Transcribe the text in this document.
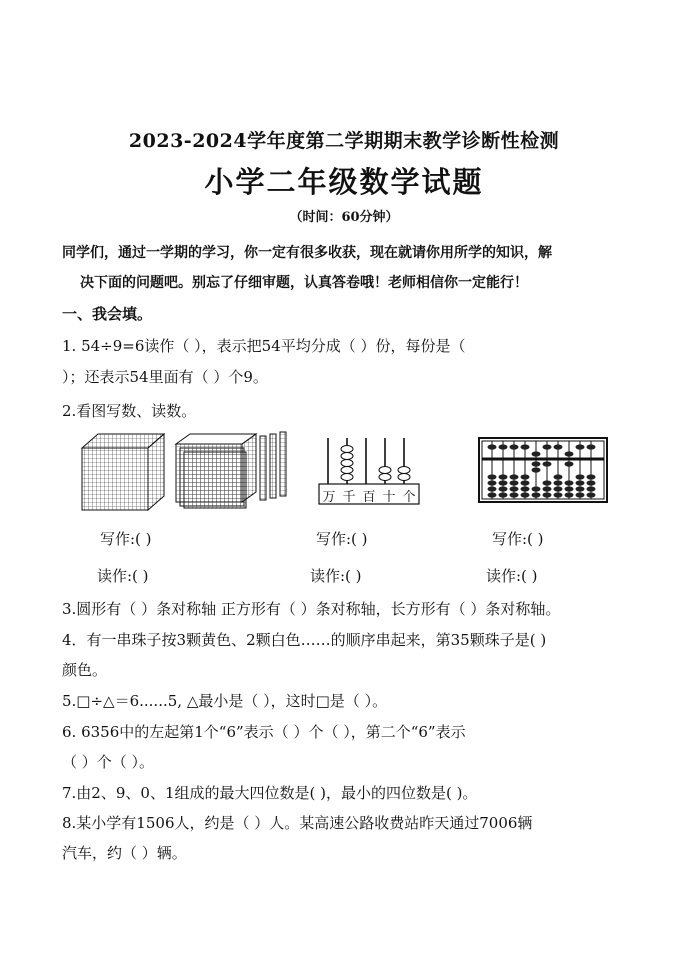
2023-2024学年度第二学期期末教学诊断性检测
小学二年级数学试题
（时间：60分钟）
同学们，通过一学期的学习，你一定有很多收获，现在就请你用所学的知识，解
决下面的问题吧。别忘了仔细审题，认真答卷哦！老师相信你一定能行！
一、我会填。
1. 54÷9=6读作（ ），表示把54平均分成（ ）份，每份是（
）；还表示54里面有（ ）个9。
2.看图写数、读数。
万 千 百 十 个
写作:( )	写作:( )	写作:( )
读作:( )	读作:( )	读作:( )
3.圆形有（ ）条对称轴 正方形有（ ）条对称轴，长方形有（ ）条对称轴。
4．有一串珠子按3颗黄色、2颗白色……的顺序串起来，第35颗珠子是( )
颜色。
5.□÷△＝6......5, △最小是（ ），这时□是（ ）。
6. 6356中的左起第1个“6”表示（ ）个（ ），第二个“6”表示
（ ）个（ ）。
7.由2、9、0、1组成的最大四位数是( )，最小的四位数是( )。
8.某小学有1506人，约是（ ）人。某高速公路收费站昨天通过7006辆
汽车，约（ ）辆。
